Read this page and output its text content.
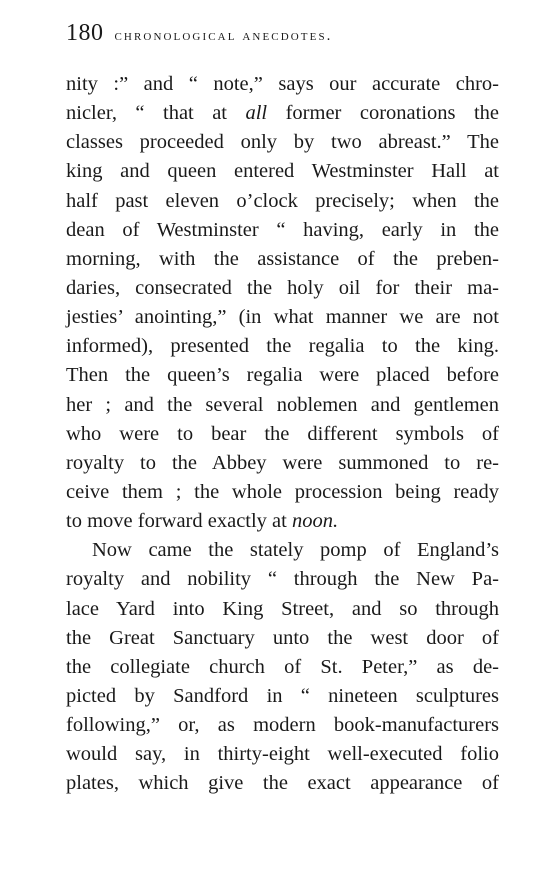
180 chronological anecdotes.
nity :” and “ note,” says our accurate chro-
nicler, “ that at all former coronations the
classes proceeded only by two abreast.” The
king and queen entered Westminster Hall at
half past eleven o’clock precisely; when the
dean of Westminster “ having, early in the
morning, with the assistance of the preben-
daries, consecrated the holy oil for their ma-
jesties’ anointing,” (in what manner we are not
informed), presented the regalia to the king.
Then the queen’s regalia were placed before
her ; and the several noblemen and gentlemen
who were to bear the different symbols of
royalty to the Abbey were summoned to re-
ceive them ; the whole procession being ready
to move forward exactly at noon.
Now came the stately pomp of England’s
royalty and nobility “ through the New Pa-
lace Yard into King Street, and so through
the Great Sanctuary unto the west door of
the collegiate church of St. Peter,” as de-
picted by Sandford in “ nineteen sculptures
following,” or, as modern book-manufacturers
would say, in thirty-eight well-executed folio
plates, which give the exact appearance of
